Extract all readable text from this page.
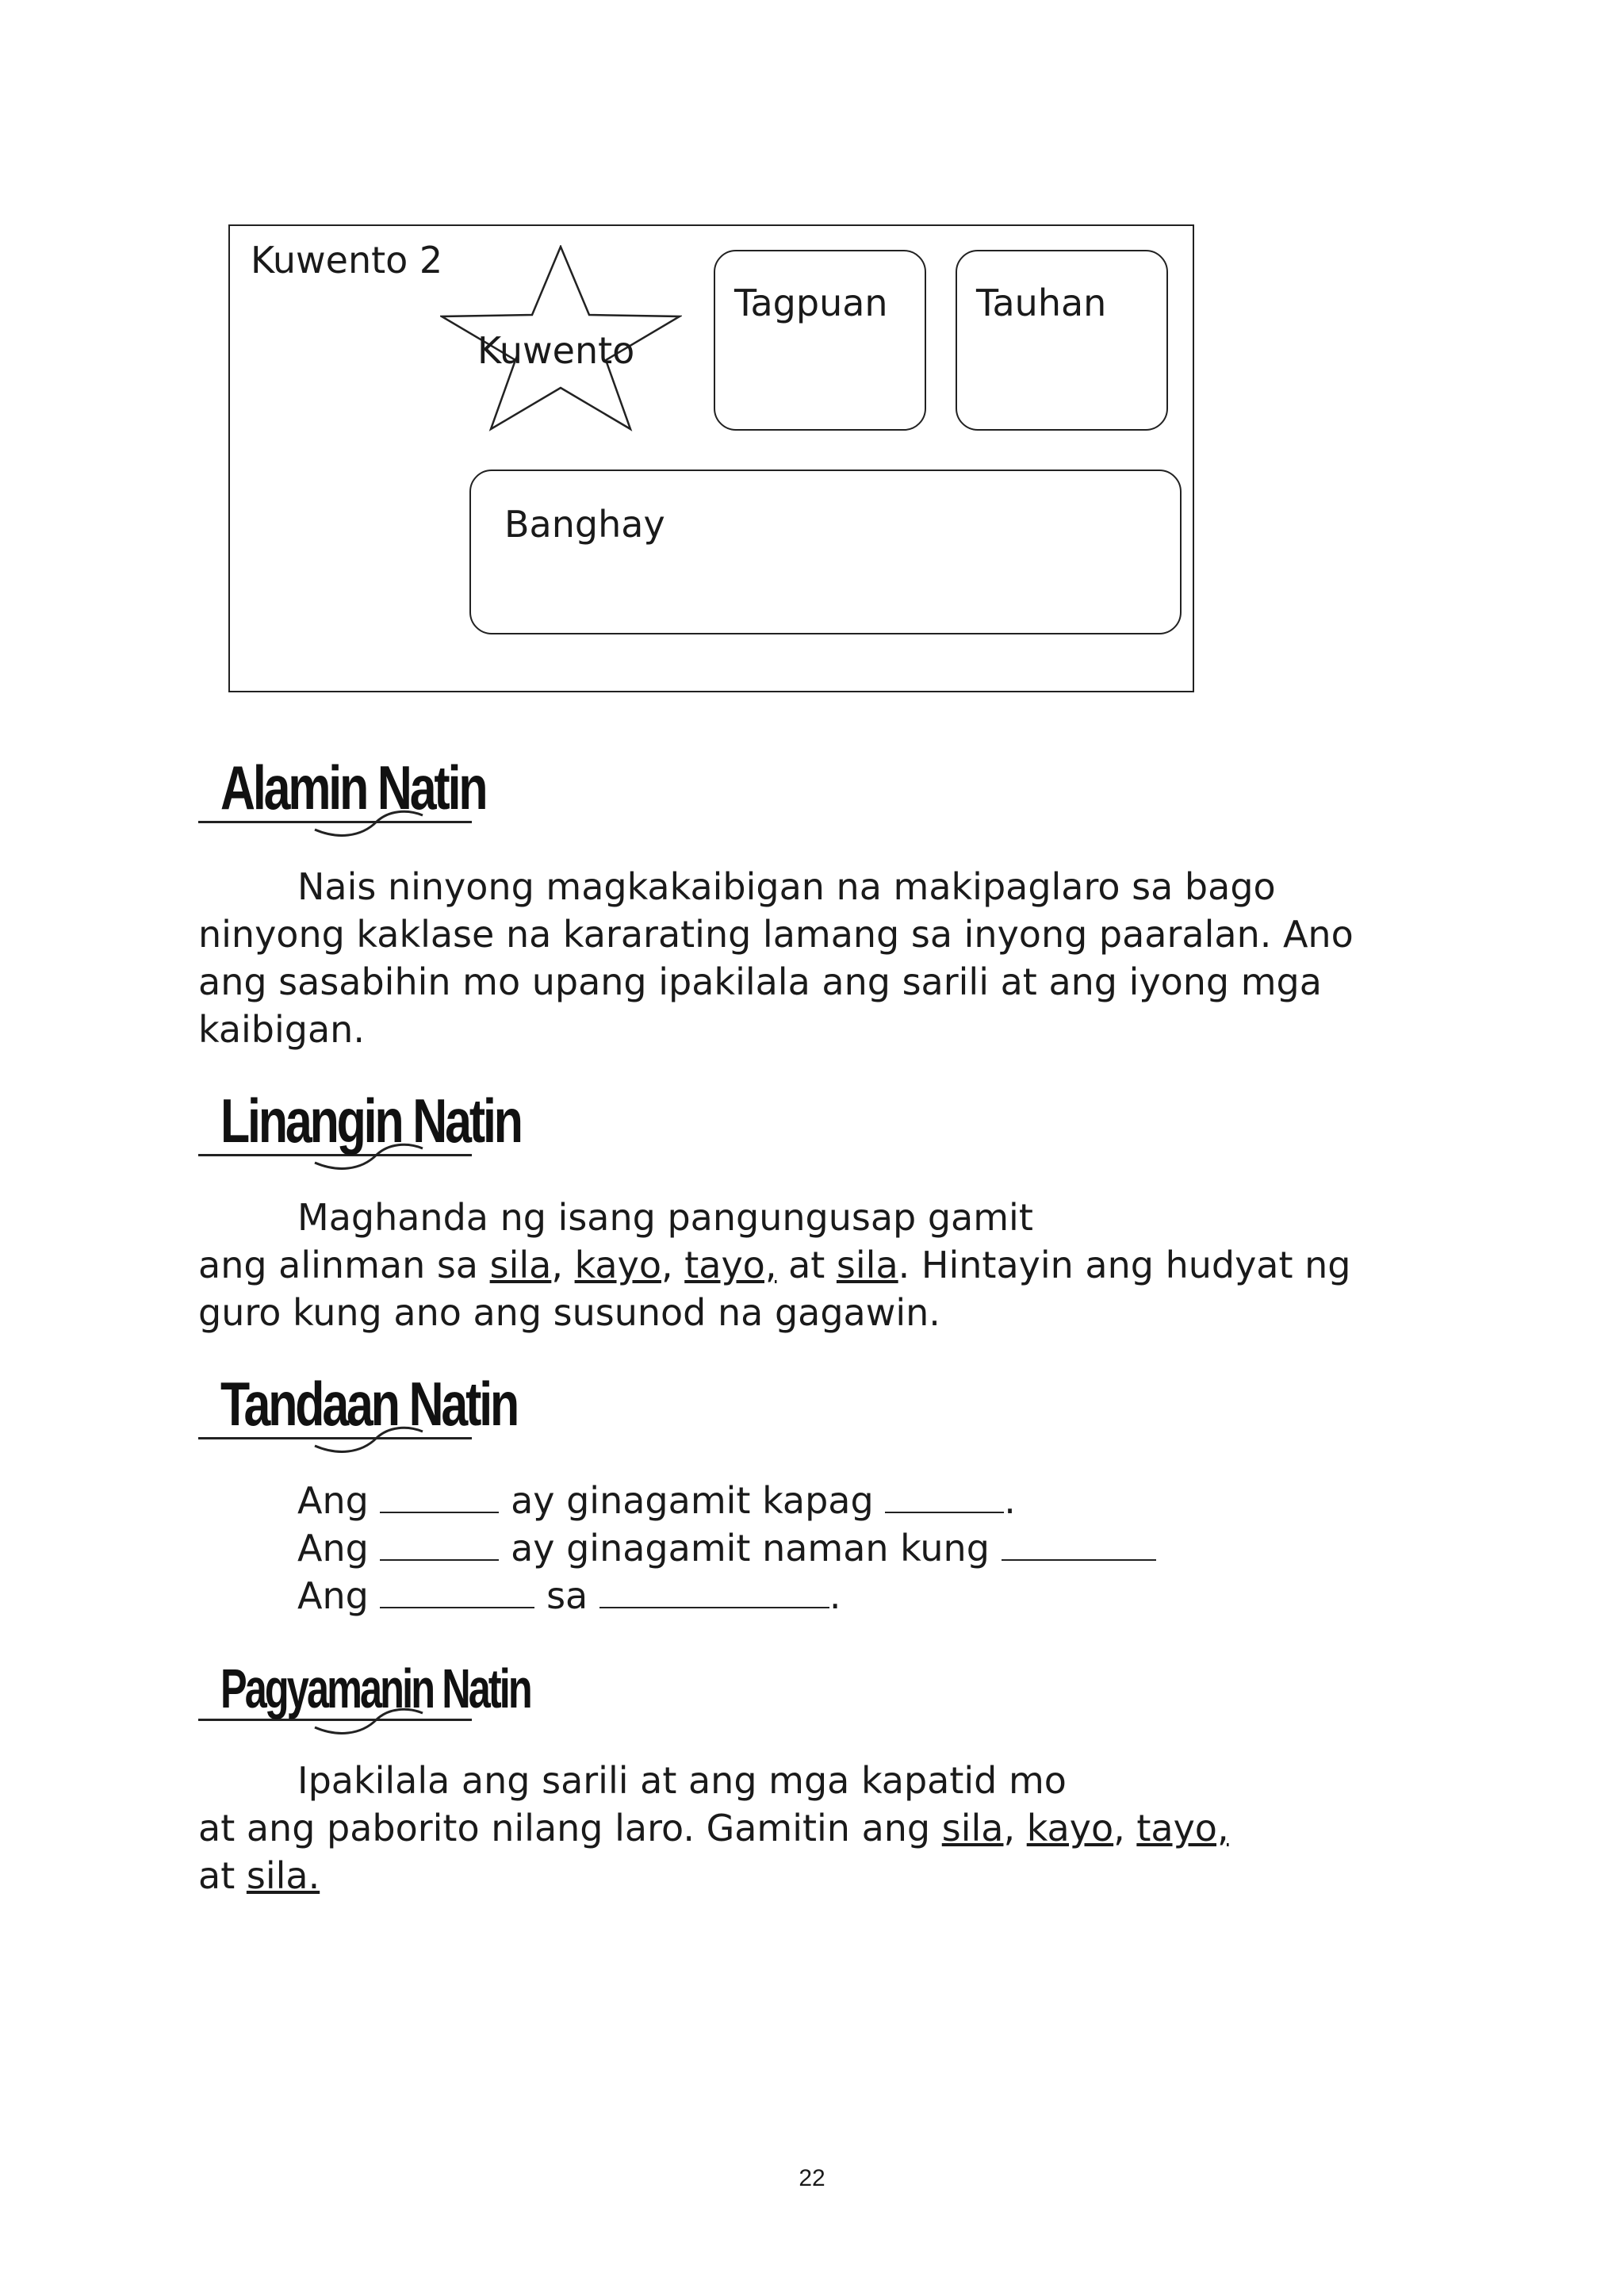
Kuwento 2
Kuwento
Tagpuan Tauhan
Banghay
Alamin Natin

Nais ninyong magkakaibigan na makipaglaro sa bago
ninyong kaklase na kararating lamang sa inyong paaralan. Ano
ang sasabihin mo upang ipakilala ang sarili at ang iyong mga
kaibigan.

Linangin Natin

Maghanda ng isang pangungusap gamit
ang alinman sa sila, kayo, tayo, at sila. Hintayin ang hudyat ng
guro kung ano ang susunod na gagawin.

Tandaan Natin

Ang	ay ginagamit kapag	.
Ang	ay ginagamit naman kung
Ang	sa	.

Pagyamanin Natin

Ipakilala ang sarili at ang mga kapatid mo
at ang paborito nilang laro. Gamitin ang sila, kayo, tayo,
at sila.

22
